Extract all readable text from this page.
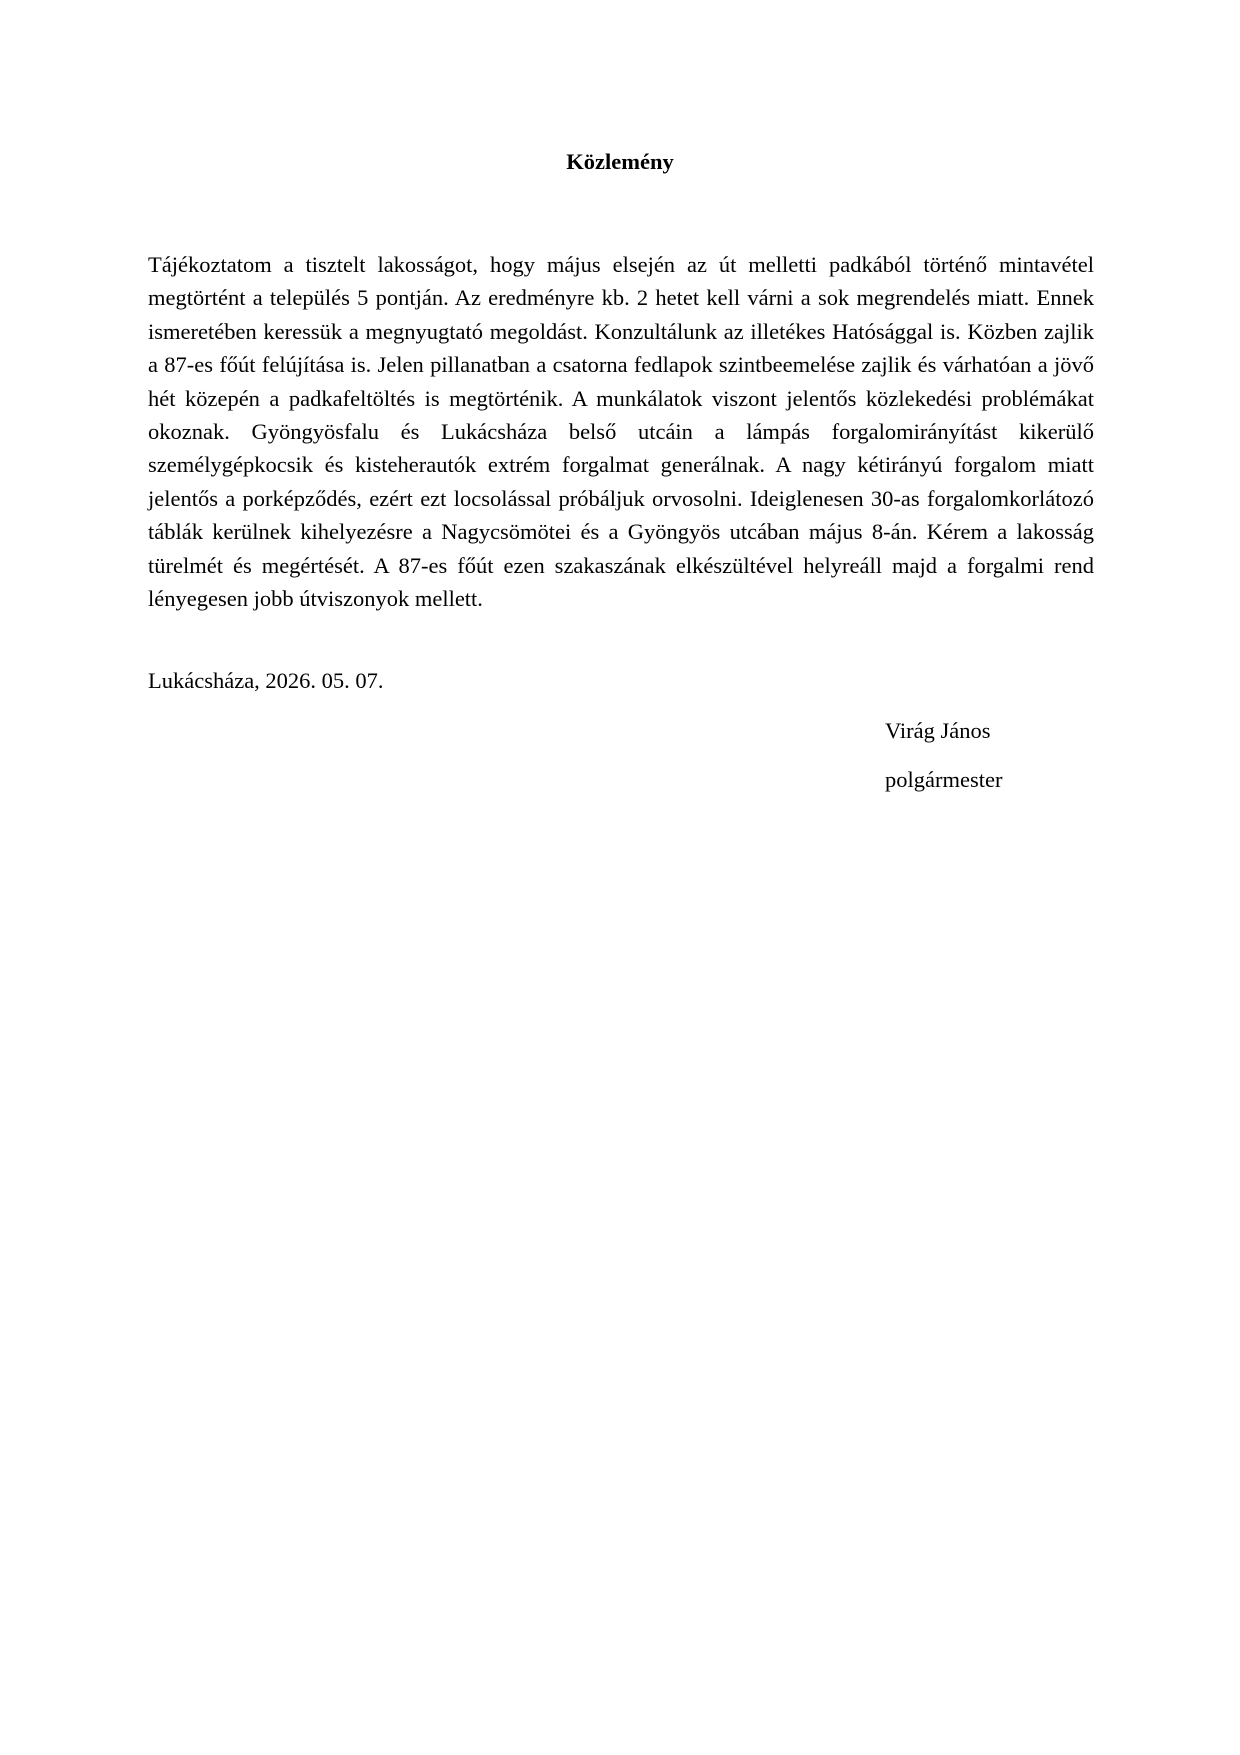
Közlemény

Tájékoztatom a tisztelt lakosságot, hogy május elsején az út melletti padkából történő mintavétel megtörtént a település 5 pontján. Az eredményre kb. 2 hetet kell várni a sok megrendelés miatt. Ennek ismeretében keressük a megnyugtató megoldást. Konzultálunk az illetékes Hatósággal is. Közben zajlik a 87-es főút felújítása is. Jelen pillanatban a csatorna fedlapok szintbeemelése zajlik és várhatóan a jövő hét közepén a padkafeltöltés is megtörténik. A munkálatok viszont jelentős közlekedési problémákat okoznak. Gyöngyösfalu és Lukácsháza belső utcáin a lámpás forgalomirányítást kikerülő személygépkocsik és kisteherautók extrém forgalmat generálnak. A nagy kétirányú forgalom miatt jelentős a porképződés, ezért ezt locsolással próbáljuk orvosolni. Ideiglenesen 30-as forgalomkorlátozó táblák kerülnek kihelyezésre a Nagycsömötei és a Gyöngyös utcában május 8-án. Kérem a lakosság türelmét és megértését. A 87-es főút ezen szakaszának elkészültével helyreáll majd a forgalmi rend lényegesen jobb útviszonyok mellett.

Lukácsháza, 2026. 05. 07.

Virág János

polgármester
